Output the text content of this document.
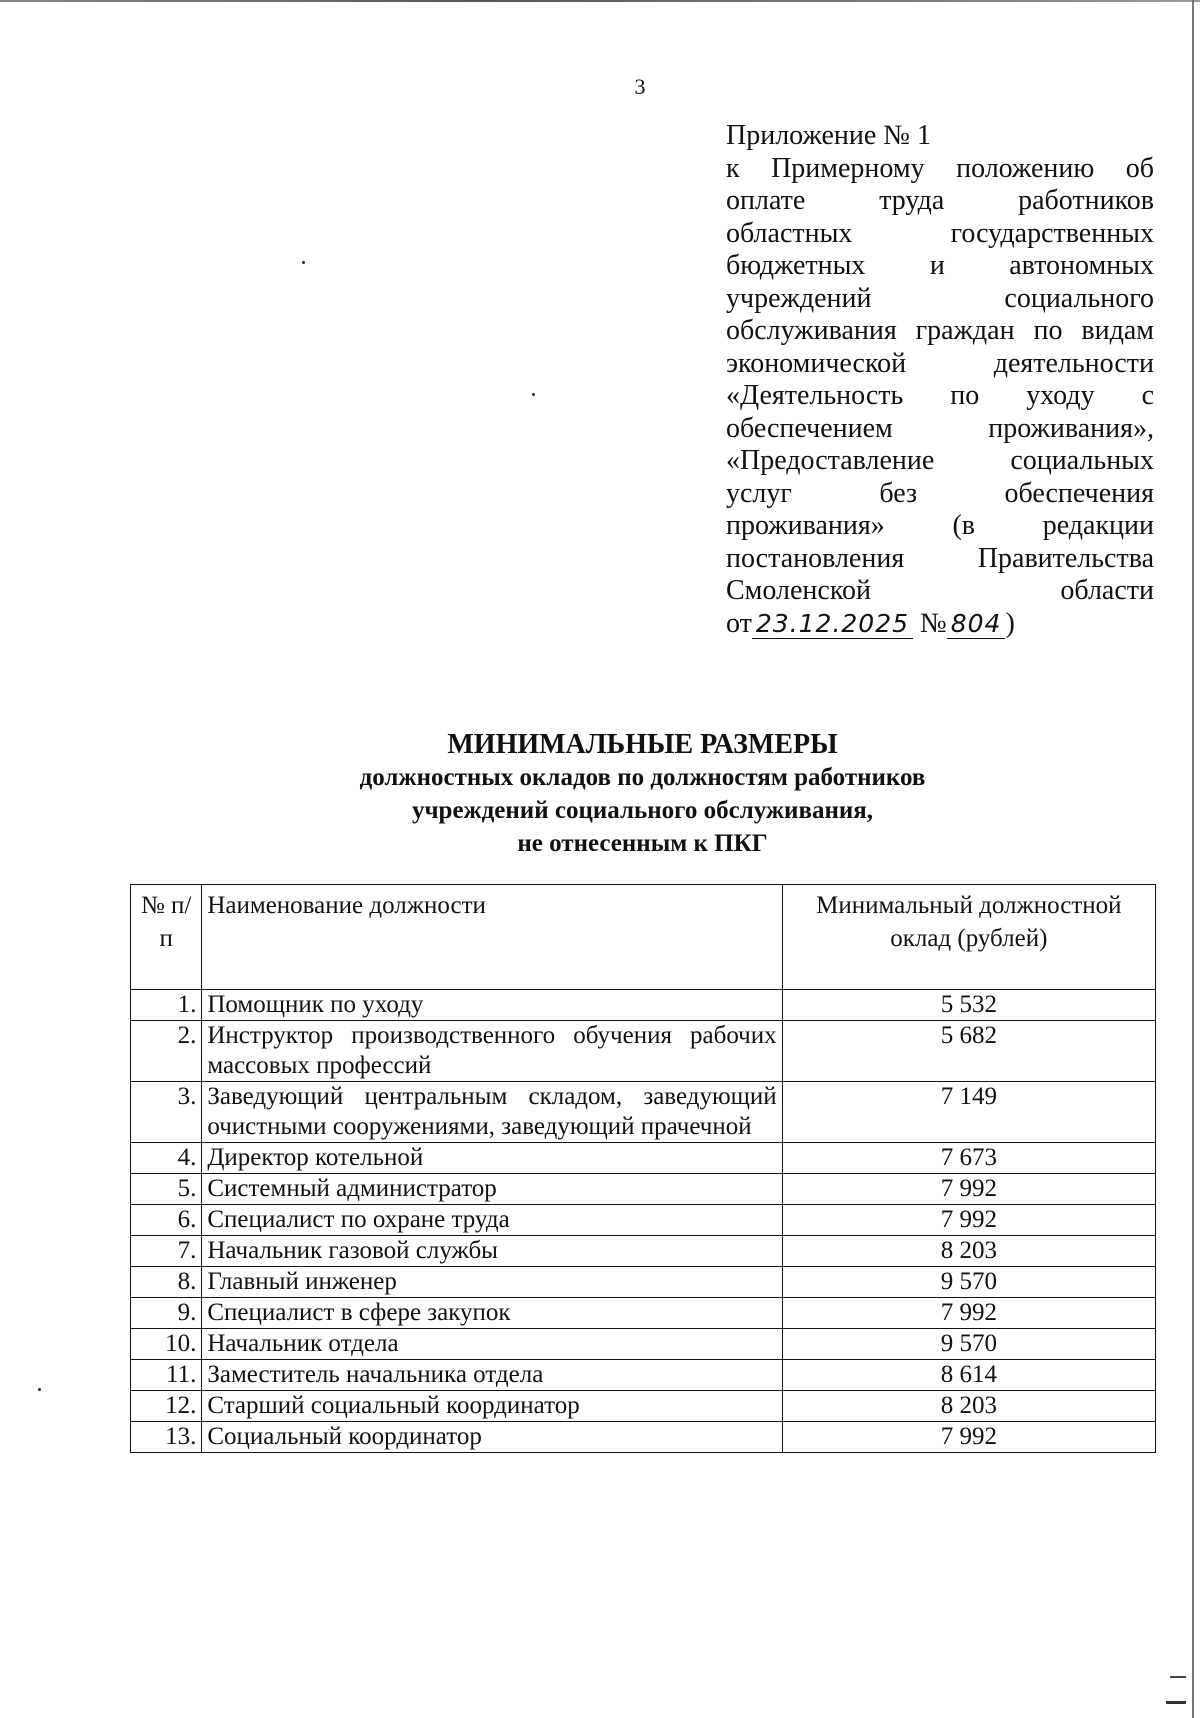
3
Приложение № 1
к Примерному положению об
оплате труда работников
областных государственных
бюджетных и автономных
учреждений социального
обслуживания граждан по видам
экономической деятельности
«Деятельность по уходу с
обеспечением проживания»,
«Предоставление социальных
услуг без обеспечения
проживания» (в редакции
постановления Правительства
Смоленской области
от 23.12.2025 № 804 )
МИНИМАЛЬНЫЕ РАЗМЕРЫ
должностных окладов по должностям работников
учреждений социального обслуживания,
не отнесенным к ПКГ
№ п/п	Наименование должности	Минимальный должностной оклад (рублей)
1.	Помощник по уходу	5 532
2.	Инструктор производственного обучения рабочих массовых профессий	5 682
3.	Заведующий центральным складом, заведующий очистными сооружениями, заведующий прачечной	7 149
4.	Директор котельной	7 673
5.	Системный администратор	7 992
6.	Специалист по охране труда	7 992
7.	Начальник газовой службы	8 203
8.	Главный инженер	9 570
9.	Специалист в сфере закупок	7 992
10.	Начальник отдела	9 570
11.	Заместитель начальника отдела	8 614
12.	Старший социальный координатор	8 203
13.	Социальный координатор	7 992
